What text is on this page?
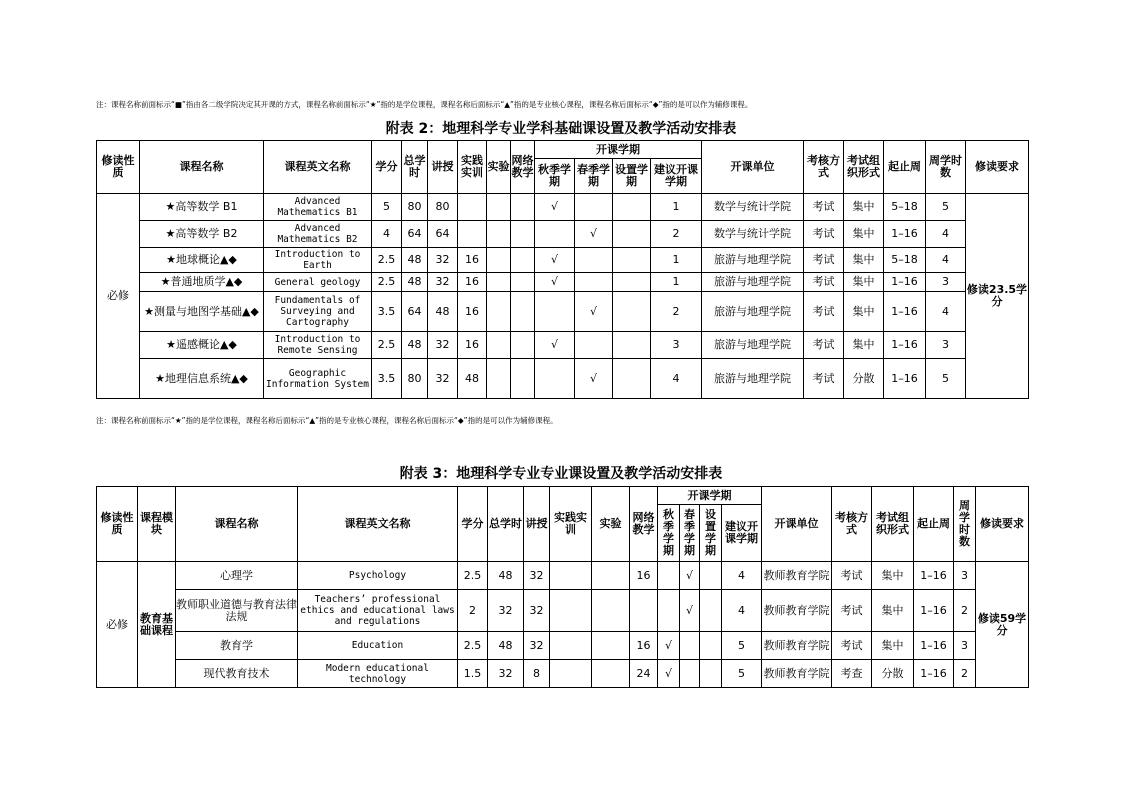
注：课程名称前面标示“■”指由各二级学院决定其开课的方式，课程名称前面标示“★”指的是学位课程，课程名称后面标示“▲”指的是专业核心课程，课程名称后面标示“◆”指的是可以作为辅修课程。
附表 2：地理科学专业学科基础课设置及教学活动安排表
修读性质	课程名称	课程英文名称	学分	总学时	讲授	实践实训	实验	网络教学	开课学期				开课单位	考核方式	考试组织形式	起止周	周学时数	修读要求
									秋季学期	春季学期	设置学期	建议开课学期						
必修	★高等数学 B1	Advanced Mathematics B1	5	80	80				√			1	数学与统计学院	考试	集中	5–18	5	修读23.5学分
	★高等数学 B2	Advanced Mathematics B2	4	64	64					√		2	数学与统计学院	考试	集中	1–16	4	
	★地球概论▲◆	Introduction to Earth	2.5	48	32	16			√			1	旅游与地理学院	考试	集中	5–18	4	
	★普通地质学▲◆	General geology	2.5	48	32	16			√			1	旅游与地理学院	考试	集中	1–16	3	
	★测量与地图学基础▲◆	Fundamentals of Surveying and Cartography	3.5	64	48	16				√		2	旅游与地理学院	考试	集中	1–16	4	
	★遥感概论▲◆	Introduction to Remote Sensing	2.5	48	32	16			√			3	旅游与地理学院	考试	集中	1–16	3	
	★地理信息系统▲◆	Geographic Information System	3.5	80	32	48				√		4	旅游与地理学院	考试	分散	1–16	5	
注：课程名称前面标示“★”指的是学位课程，课程名称后面标示“▲”指的是专业核心课程，课程名称后面标示“◆”指的是可以作为辅修课程。
附表 3：地理科学专业专业课设置及教学活动安排表
修读性质	课程模块	课程名称	课程英文名称	学分	总学时	讲授	实践实训	实验	网络教学	开课学期				开课单位	考核方式	考试组织形式	起止周	周学时数	修读要求
										秋季学期	春季学期	设置学期	建议开课学期						
必修	教育基础课程	心理学	Psychology	2.5	48	32			16		√		4	教师教育学院	考试	集中	1–16	3	修读59学分
		教师职业道德与教育法律法规	Teachers’ professional ethics and educational laws and regulations	2	32	32					√		4	教师教育学院	考试	集中	1–16	2	
		教育学	Education	2.5	48	32			16	√			5	教师教育学院	考试	集中	1–16	3	
		现代教育技术	Modern educational technology	1.5	32	8			24	√			5	教师教育学院	考查	分散	1–16	2	
